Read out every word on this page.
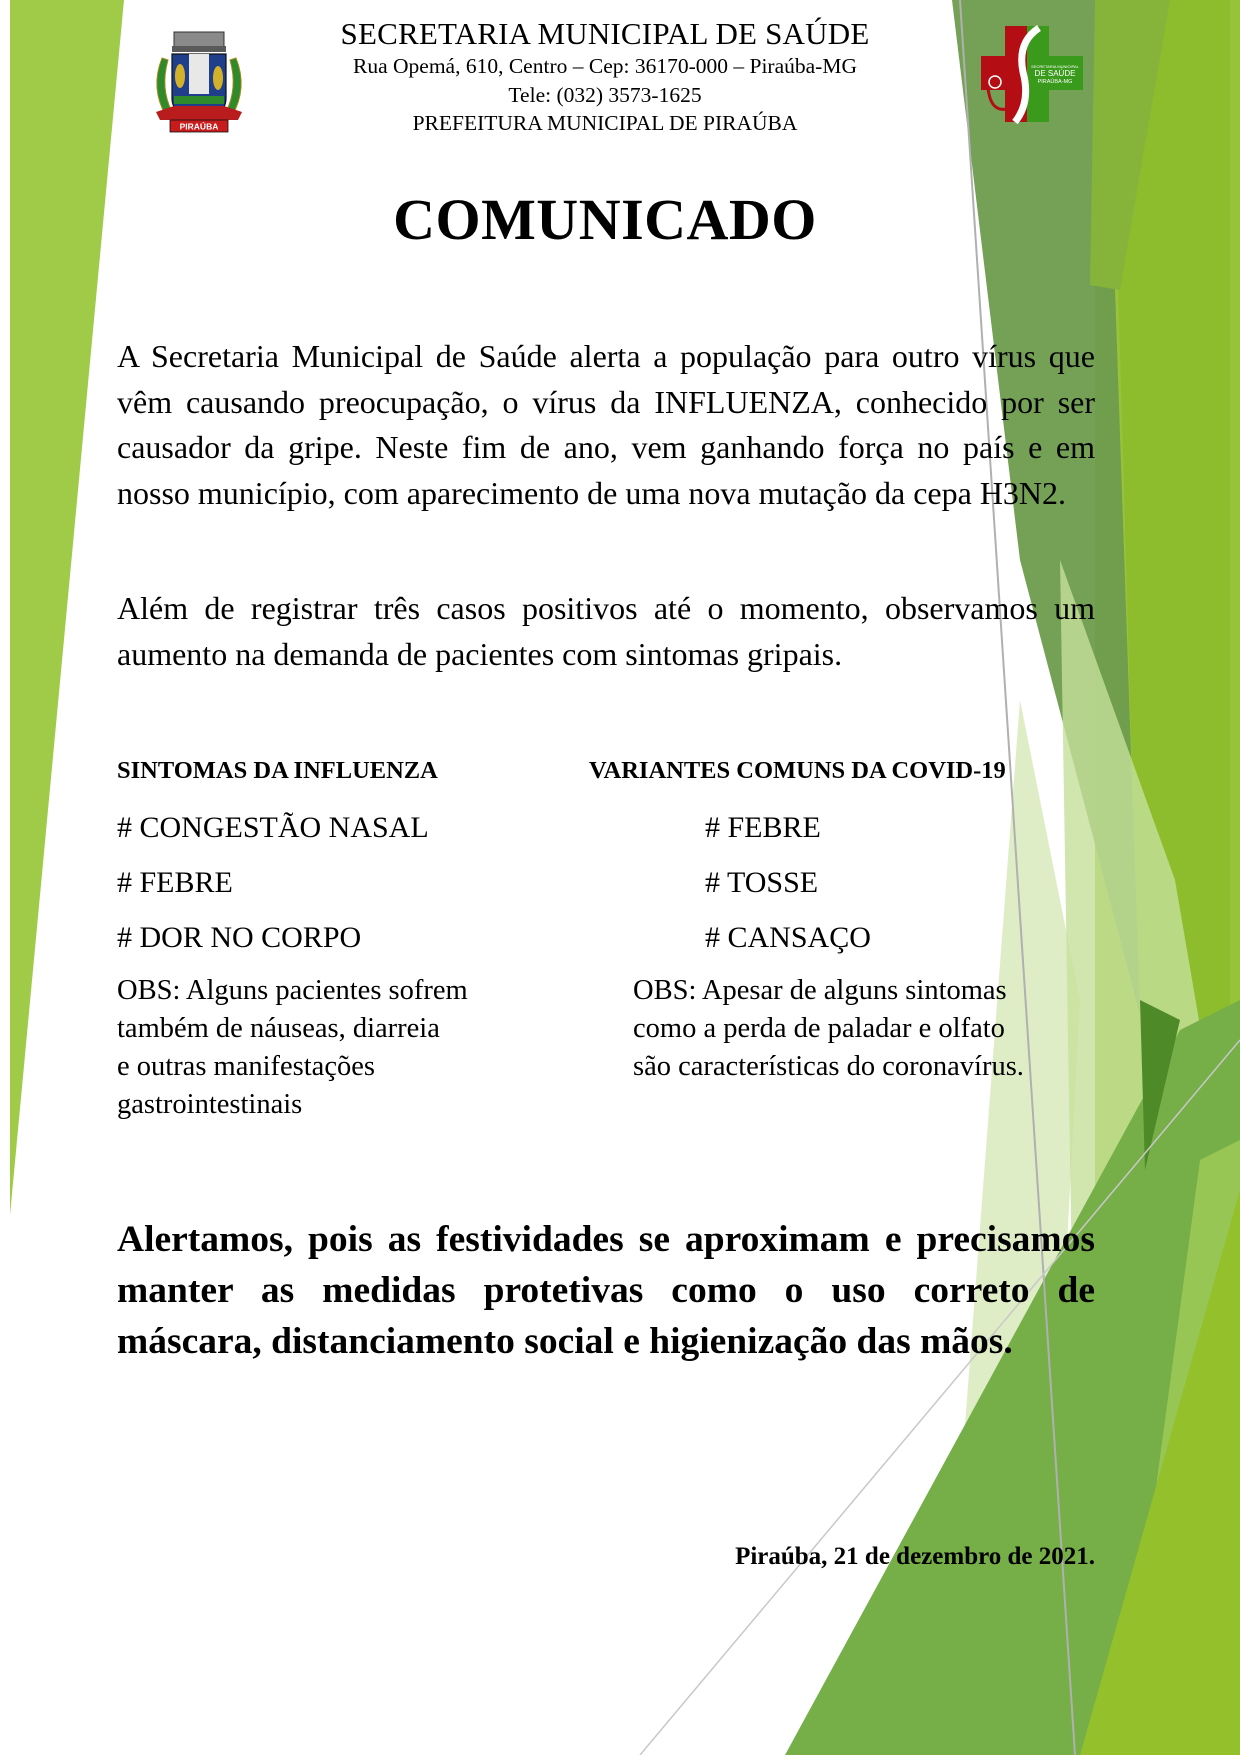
PIRAÚBA
SECRETARIA MUNICIPAL
DE SAÚDE
PIRAÚBA-MG
SECRETARIA MUNICIPAL DE SAÚDE
Rua Opemá, 610, Centro – Cep: 36170-000 – Piraúba-MG
Tele: (032) 3573-1625
PREFEITURA MUNICIPAL DE PIRAÚBA
COMUNICADO
A Secretaria Municipal de Saúde alerta a população para outro vírus que vêm causando preocupação, o vírus da INFLUENZA, conhecido por ser causador da gripe. Neste fim de ano, vem ganhando força no país e em nosso município, com aparecimento de uma nova mutação da cepa H3N2.
Além de registrar três casos positivos até o momento, observamos um aumento na demanda de pacientes com sintomas gripais.
SINTOMAS DA INFLUENZA	VARIANTES COMUNS DA COVID-19
# CONGESTÃO NASAL
# FEBRE
# DOR NO CORPO
# FEBRE
# TOSSE
# CANSAÇO
OBS: Alguns pacientes sofrem
também de náuseas, diarreia
e outras manifestações
gastrointestinais
OBS: Apesar de alguns sintomas
como a perda de paladar e olfato
são características do coronavírus.
Alertamos, pois as festividades se aproximam e precisamos manter as medidas protetivas como o uso correto de máscara, distanciamento social e higienização das mãos.
Piraúba, 21 de dezembro de 2021.
